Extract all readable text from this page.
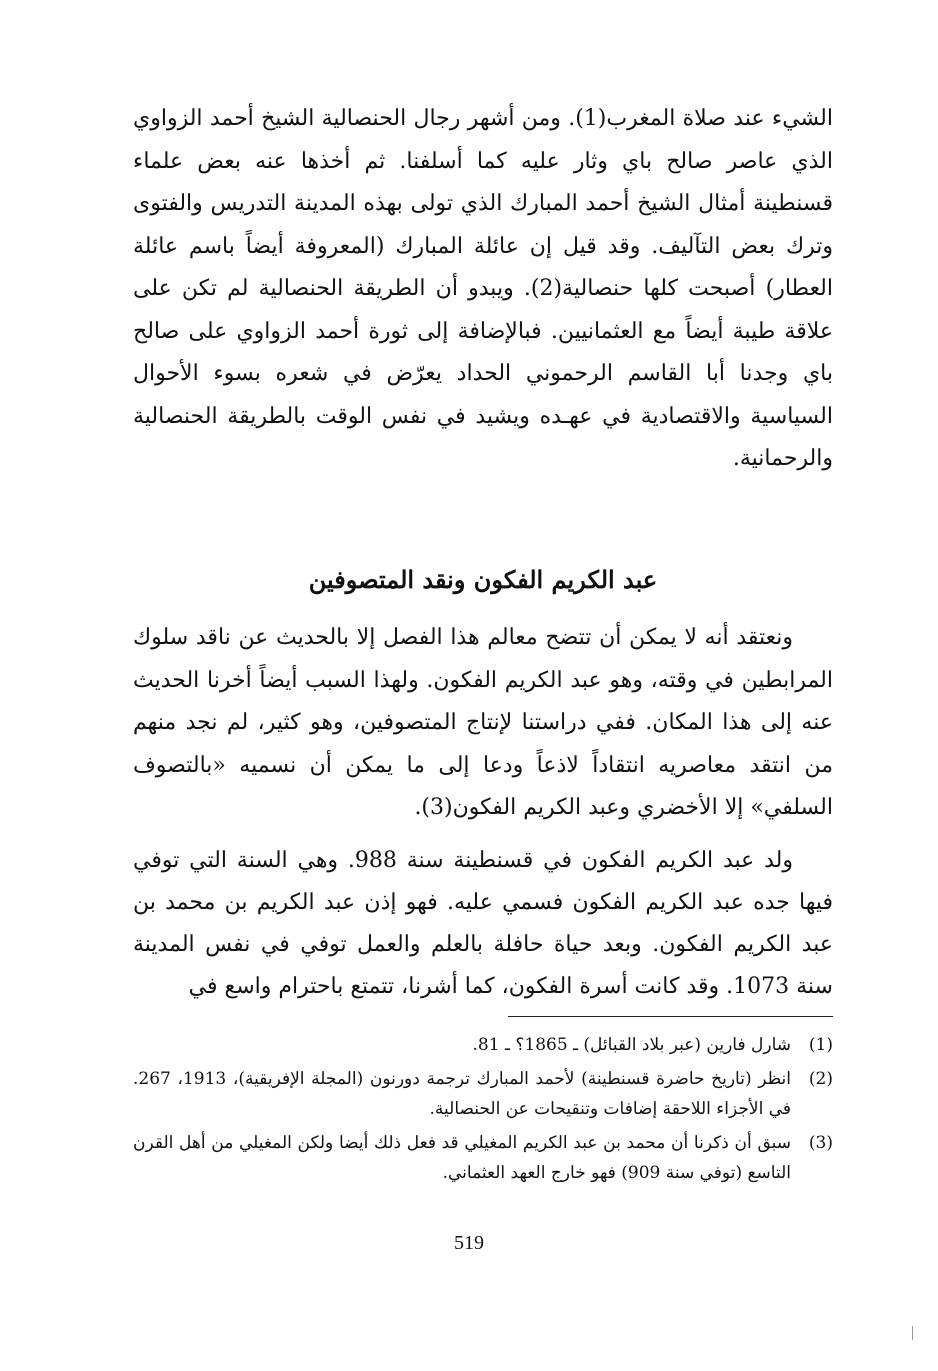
الشيء عند صلاة المغرب(1). ومن أشهر رجال الحنصالية الشيخ أحمد الزواوي الذي عاصر صالح باي وثار عليه كما أسلفنا. ثم أخذها عنه بعض علماء قسنطينة أمثال الشيخ أحمد المبارك الذي تولى بهذه المدينة التدريس والفتوى وترك بعض التآليف. وقد قيل إن عائلة المبارك (المعروفة أيضاً باسم عائلة العطار) أصبحت كلها حنصالية(2). ويبدو أن الطريقة الحنصالية لم تكن على علاقة طيبة أيضاً مع العثمانيين. فبالإضافة إلى ثورة أحمد الزواوي على صالح باي وجدنا أبا القاسم الرحموني الحداد يعرّض في شعره بسوء الأحوال السياسية والاقتصادية في عهـده ويشيد في نفس الوقت بالطريقة الحنصالية والرحمانية.

عبد الكريم الفكون ونقد المتصوفين

ونعتقد أنه لا يمكن أن تتضح معالم هذا الفصل إلا بالحديث عن ناقد سلوك المرابطين في وقته، وهو عبد الكريم الفكون. ولهذا السبب أيضاً أخرنا الحديث عنه إلى هذا المكان. ففي دراستنا لإنتاج المتصوفين، وهو كثير، لم نجد منهم من انتقد معاصريه انتقاداً لاذعاً ودعا إلى ما يمكن أن نسميه «بالتصوف السلفي» إلا الأخضري وعبد الكريم الفكون(3).

ولد عبد الكريم الفكون في قسنطينة سنة 988. وهي السنة التي توفي فيها جده عبد الكريم الفكون فسمي عليه. فهو إذن عبد الكريم بن محمد بن عبد الكريم الفكون. وبعد حياة حافلة بالعلم والعمل توفي في نفس المدينة سنة 1073. وقد كانت أسرة الفكون، كما أشرنا، تتمتع باحترام واسع في

(1)
شارل فارين (عبر بلاد القبائل) ـ 1865؟ ـ 81.
(2)
انظر (تاريخ حاضرة قسنطينة) لأحمد المبارك ترجمة دورنون (المجلة الإفريقية)، 1913، 267. في الأجزاء اللاحقة إضافات وتنقيحات عن الحنصالية.
(3)
سبق أن ذكرنا أن محمد بن عبد الكريم المغيلي قد فعل ذلك أيضا ولكن المغيلي من أهل القرن التاسع (توفي سنة 909) فهو خارج العهد العثماني.
519
